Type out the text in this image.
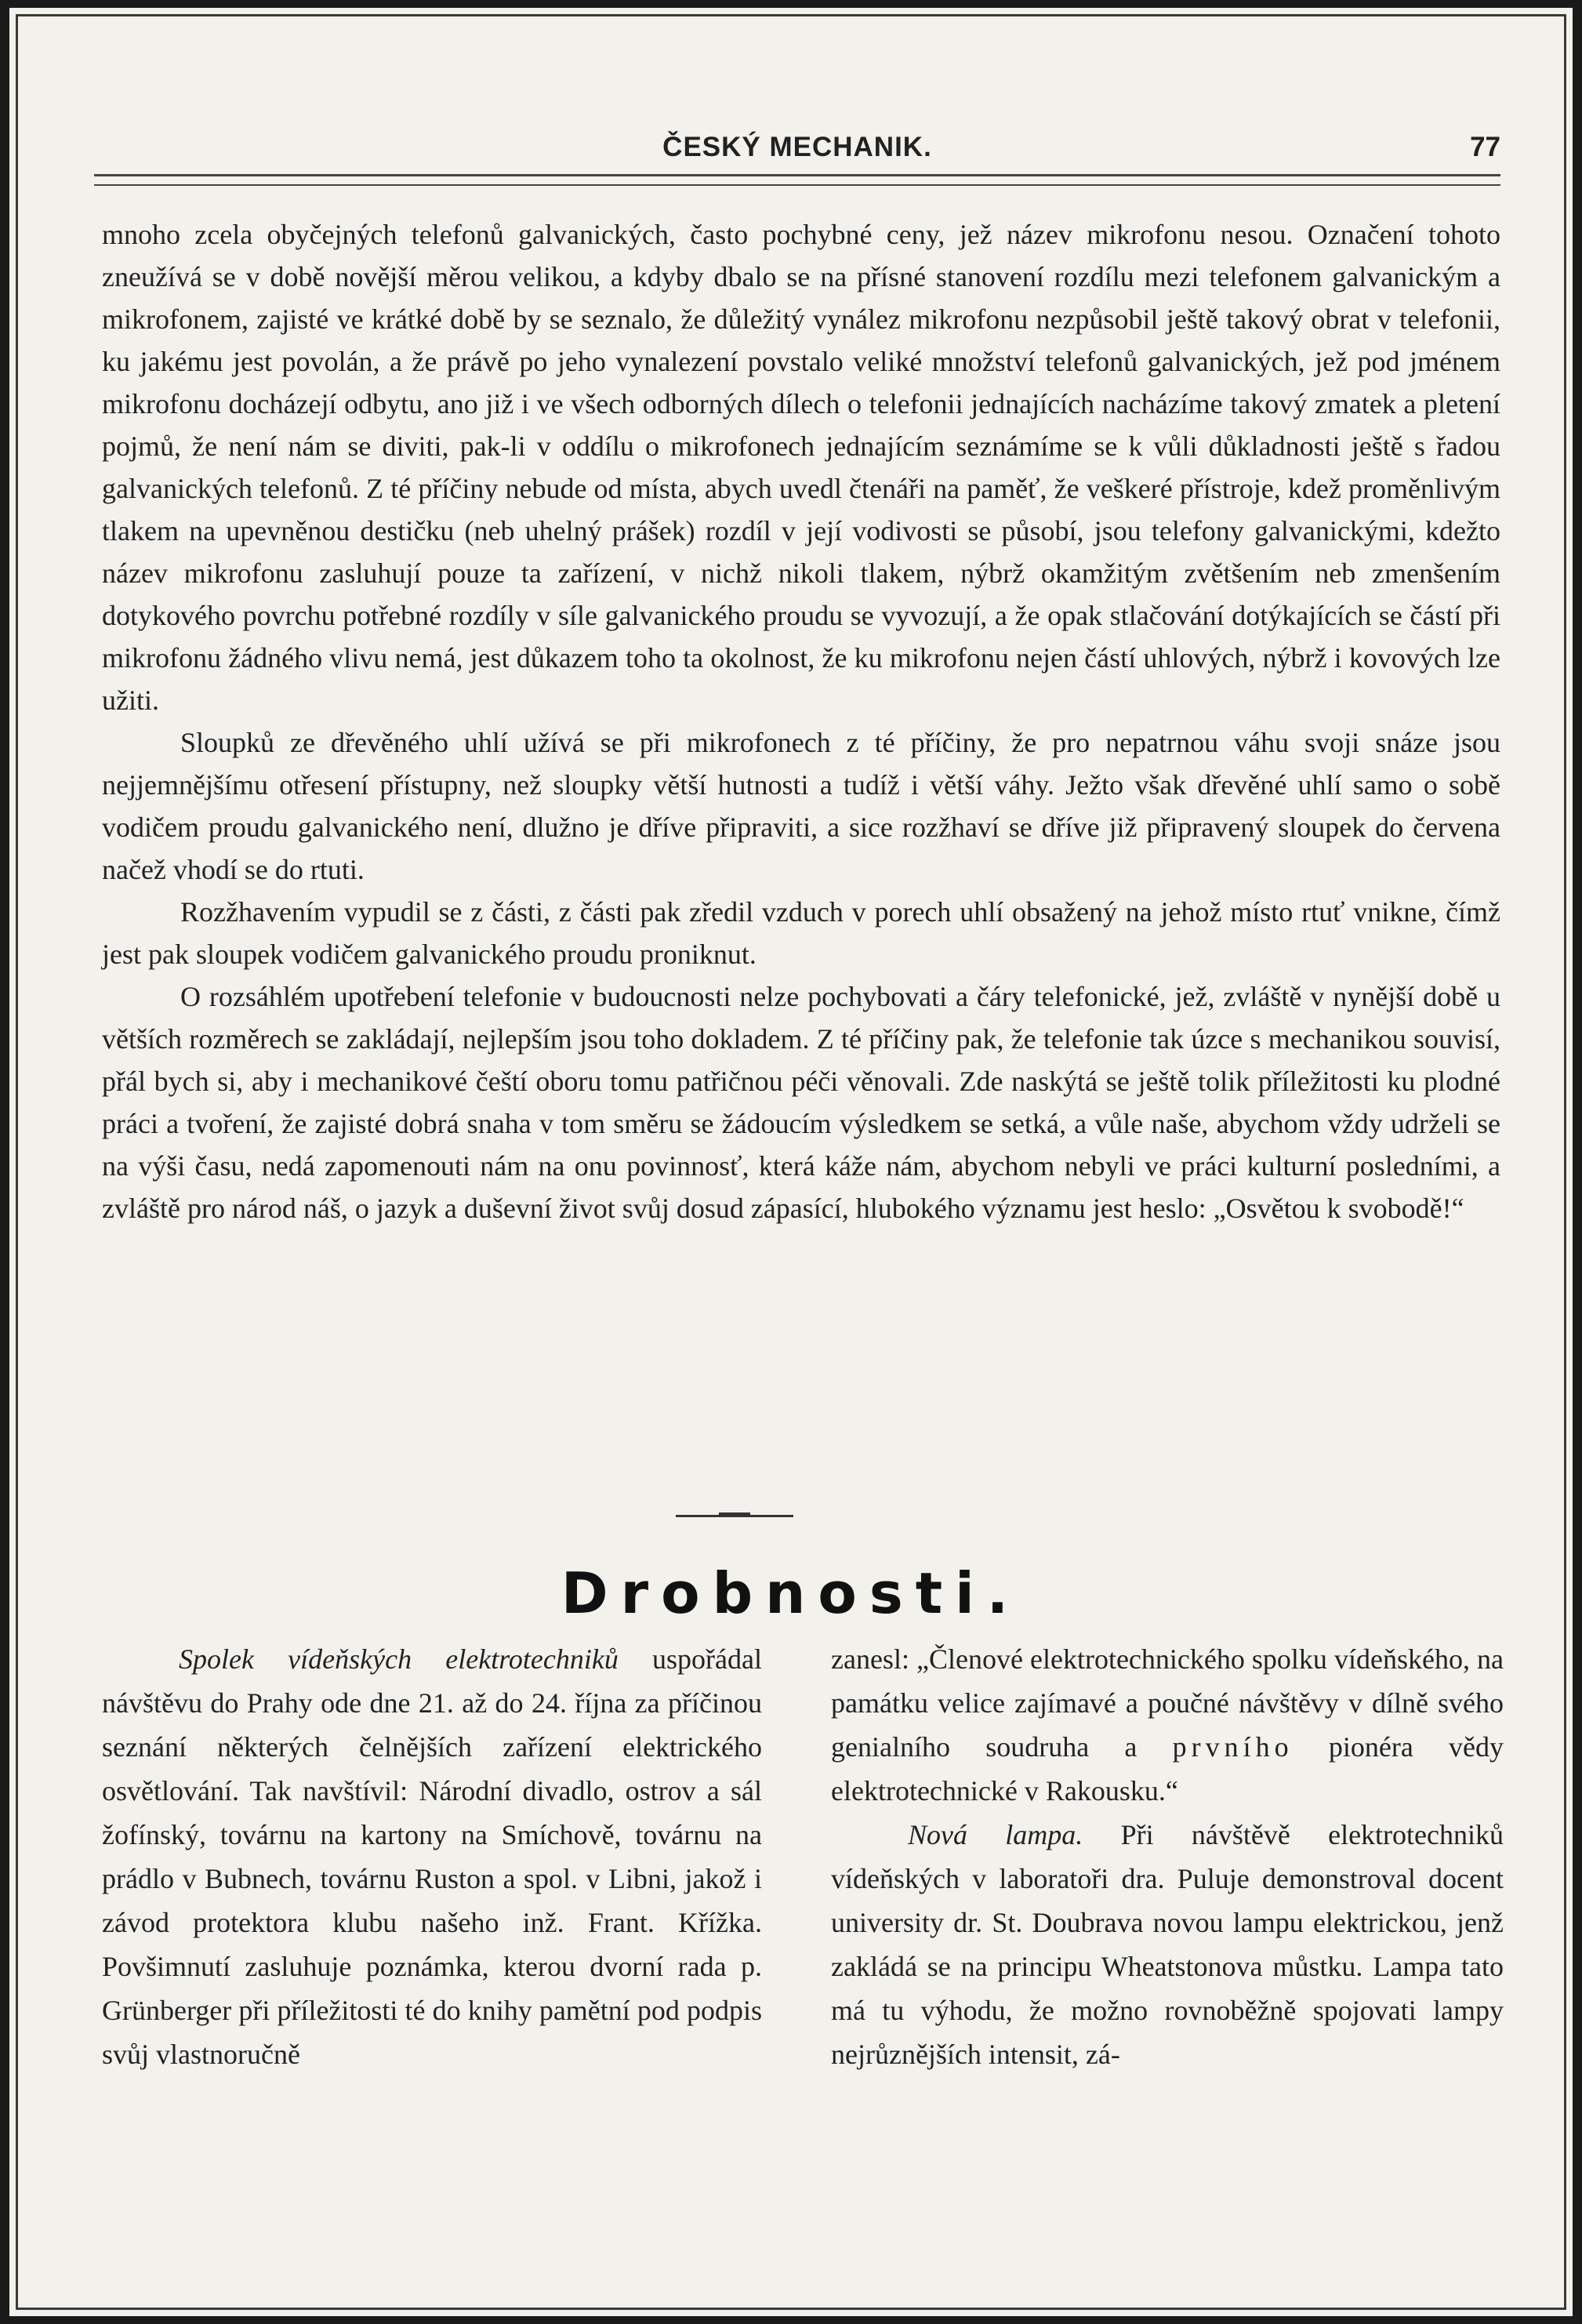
ČESKÝ MECHANIK.	77

mnoho zcela obyčejných telefonů galvanických, často pochybné ceny, jež název mikrofonu nesou. Označení tohoto zneužívá se v době novější měrou velikou, a kdyby dbalo se na přísné stanovení rozdílu mezi telefonem galvanickým a mikrofonem, zajisté ve krátké době by se seznalo, že důležitý vynález mikrofonu nezpůsobil ještě takový obrat v telefonii, ku jakému jest povolán, a že právě po jeho vynalezení povstalo veliké množství telefonů galvanických, jež pod jménem mikrofonu docházejí odbytu, ano již i ve všech odborných dílech o telefonii jednajících nacházíme takový zmatek a pletení pojmů, že není nám se diviti, pak-li v oddílu o mikrofonech jednajícím seznámíme se k vůli důkladnosti ještě s řadou galvanických telefonů. Z té příčiny nebude od místa, abych uvedl čtenáři na paměť, že veškeré přístroje, kdež proměnlivým tlakem na upevněnou destičku (neb uhelný prášek) rozdíl v její vodivosti se působí, jsou telefony galvanickými, kdežto název mikrofonu zasluhují pouze ta zařízení, v nichž nikoli tlakem, nýbrž okamžitým zvětšením neb zmenšením dotykového povrchu potřebné rozdíly v síle galvanického proudu se vyvozují, a že opak stlačování dotýkajících se částí při mikrofonu žádného vlivu nemá, jest důkazem toho ta okolnost, že ku mikrofonu nejen částí uhlových, nýbrž i kovových lze užiti.

Sloupků ze dřevěného uhlí užívá se při mikrofonech z té příčiny, že pro nepatrnou váhu svoji snáze jsou nejjemnějšímu otřesení přístupny, než sloupky větší hutnosti a tudíž i větší váhy. Ježto však dřevěné uhlí samo o sobě vodičem proudu galvanického není, dlužno je dříve připraviti, a sice rozžhaví se dříve již připravený sloupek do červena načež vhodí se do rtuti.

Rozžhavením vypudil se z části, z části pak zředil vzduch v porech uhlí obsažený na jehož místo rtuť vnikne, čímž jest pak sloupek vodičem galvanického proudu proniknut.

O rozsáhlém upotřebení telefonie v budoucnosti nelze pochybovati a čáry telefonické, jež, zvláště v nynější době u větších rozměrech se zakládají, nejlepším jsou toho dokladem. Z té příčiny pak, že telefonie tak úzce s mechanikou souvisí, přál bych si, aby i mechanikové čeští oboru tomu patřičnou péči věnovali. Zde naskýtá se ještě tolik příležitosti ku plodné práci a tvoření, že zajisté dobrá snaha v tom směru se žádoucím výsledkem se setká, a vůle naše, abychom vždy udrželi se na výši času, nedá zapomenouti nám na onu povinnosť, která káže nám, abychom nebyli ve práci kulturní posledními, a zvláště pro národ náš, o jazyk a duševní život svůj dosud zápasící, hlubokého významu jest heslo: „Osvětou k svobodě!“

Drobnosti.

Spolek vídeňských elektrotechniků uspořádal návštěvu do Prahy ode dne 21. až do 24. října za příčinou seznání některých čelnějších zařízení elektrického osvětlování. Tak navštívil: Národní divadlo, ostrov a sál žofínský, továrnu na kartony na Smíchově, továrnu na prádlo v Bubnech, továrnu Ruston a spol. v Libni, jakož i závod protektora klubu našeho inž. Frant. Křížka. Povšimnutí zasluhuje poznámka, kterou dvorní rada p. Grünberger při příležitosti té do knihy pamětní pod podpis svůj vlastnoručně

zanesl: „Členové elektrotechnického spolku vídeňského, na památku velice zajímavé a poučné návštěvy v dílně svého genialního soudruha a prvního pionéra vědy elektrotechnické v Rakousku.“

Nová lampa. Při návštěvě elektrotechniků vídeňských v laboratoři dra. Puluje demonstroval docent university dr. St. Doubrava novou lampu elektrickou, jenž zakládá se na principu Wheatstonova můstku. Lampa tato má tu výhodu, že možno rovnoběžně spojovati lampy nejrůznějších intensit, zá-
